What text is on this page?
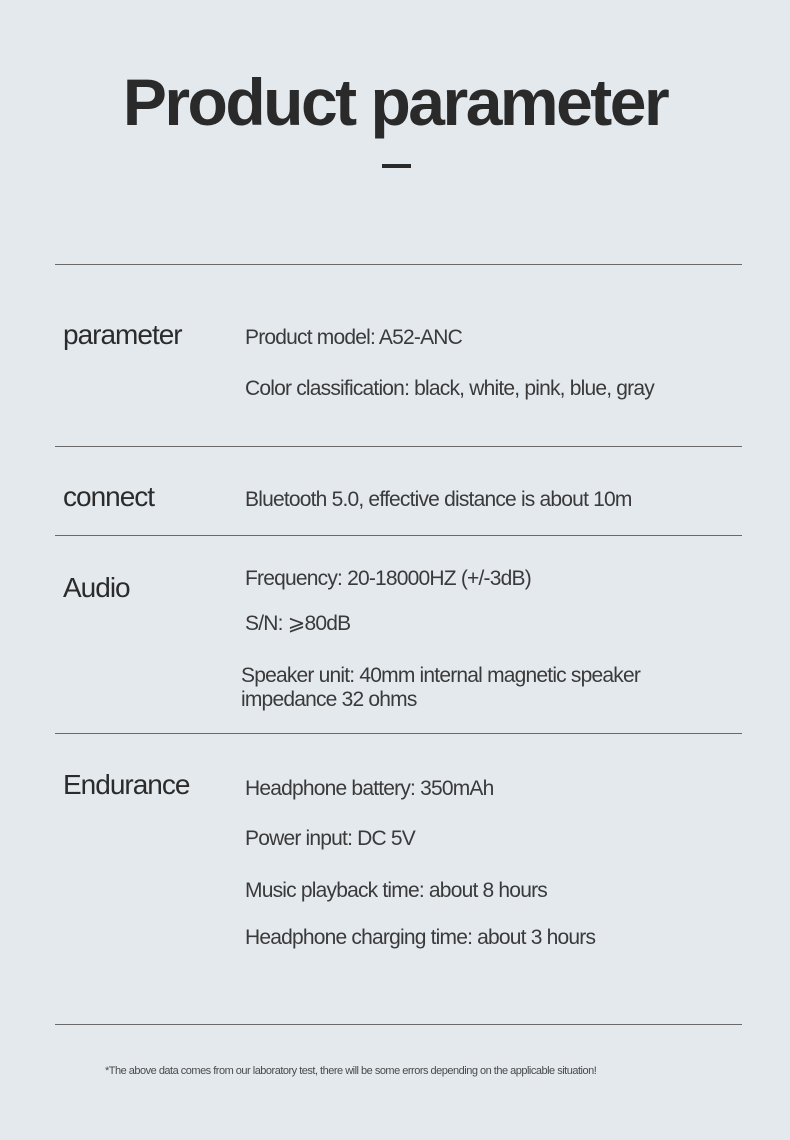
Product parameter
parameter	Product model: A52-ANC
Color classification: black, white, pink, blue, gray
connect	Bluetooth 5.0, effective distance is about 10m
Audio	Frequency: 20-18000HZ (+/-3dB)
S/N: ⩾80dB
Speaker unit: 40mm internal magnetic speaker impedance 32 ohms
Endurance	Headphone battery: 350mAh
Power input: DC 5V
Music playback time: about 8 hours
Headphone charging time: about 3 hours
*The above data comes from our laboratory test, there will be some errors depending on the applicable situation!
